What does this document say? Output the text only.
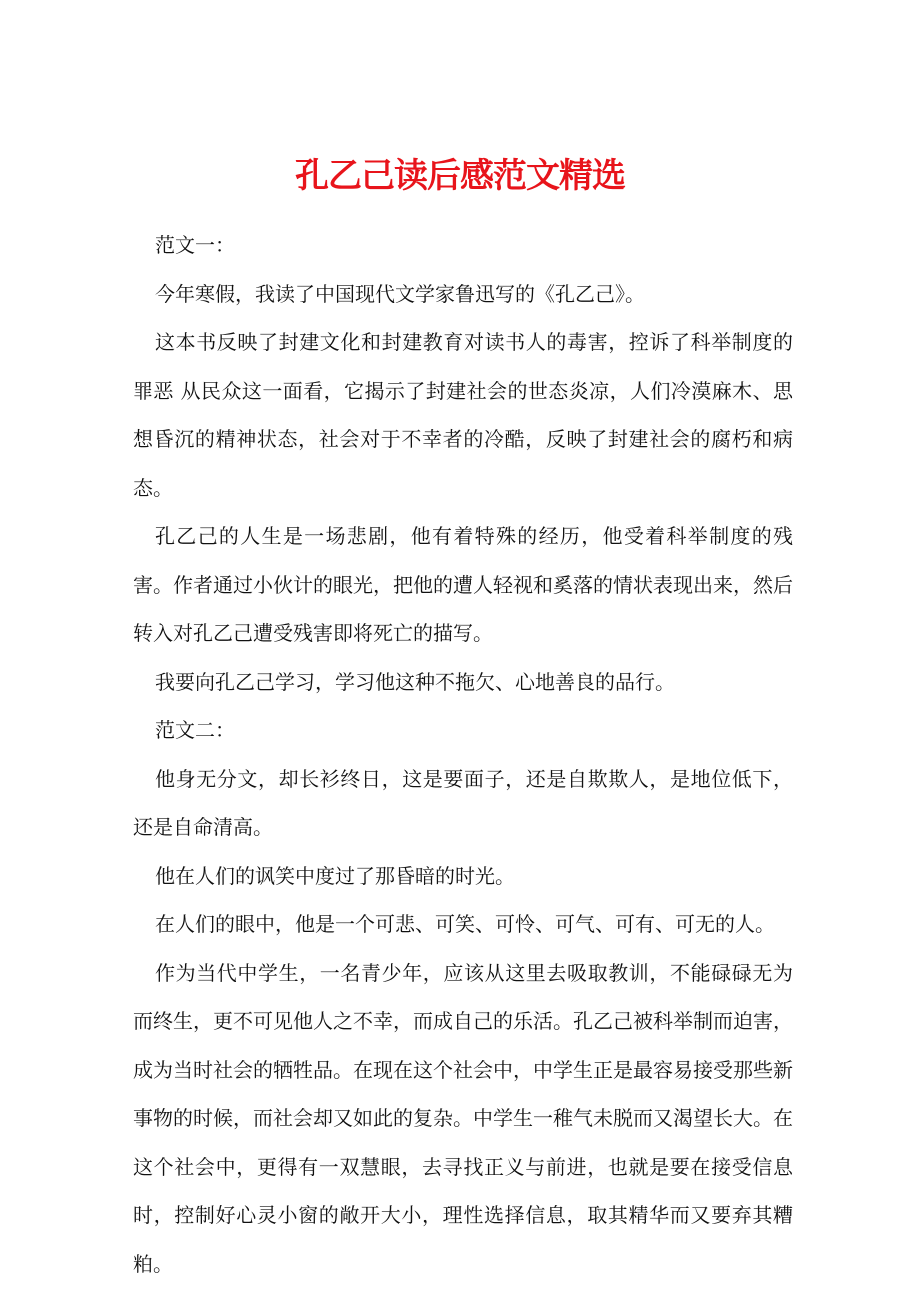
孔乙己读后感范文精选

范文一：

今年寒假，我读了中国现代文学家鲁迅写的《孔乙己》。

这本书反映了封建文化和封建教育对读书人的毒害，控诉了科举制度的罪恶 从民众这一面看，它揭示了封建社会的世态炎凉，人们冷漠麻木、思想昏沉的精神状态，社会对于不幸者的冷酷，反映了封建社会的腐朽和病态。

孔乙己的人生是一场悲剧，他有着特殊的经历，他受着科举制度的残害。作者通过小伙计的眼光，把他的遭人轻视和奚落的情状表现出来，然后转入对孔乙己遭受残害即将死亡的描写。

我要向孔乙己学习，学习他这种不拖欠、心地善良的品行。

范文二：

他身无分文，却长衫终日，这是要面子，还是自欺欺人，是地位低下，还是自命清高。

他在人们的讽笑中度过了那昏暗的时光。

在人们的眼中，他是一个可悲、可笑、可怜、可气、可有、可无的人。

作为当代中学生，一名青少年，应该从这里去吸取教训，不能碌碌无为而终生，更不可见他人之不幸，而成自己的乐活。孔乙己被科举制而迫害，成为当时社会的牺牲品。在现在这个社会中，中学生正是最容易接受那些新事物的时候，而社会却又如此的复杂。中学生一稚气未脱而又渴望长大。在这个社会中，更得有一双慧眼，去寻找正义与前进，也就是要在接受信息时，控制好心灵小窗的敞开大小，理性选择信息，取其精华而又要弃其糟粕。
